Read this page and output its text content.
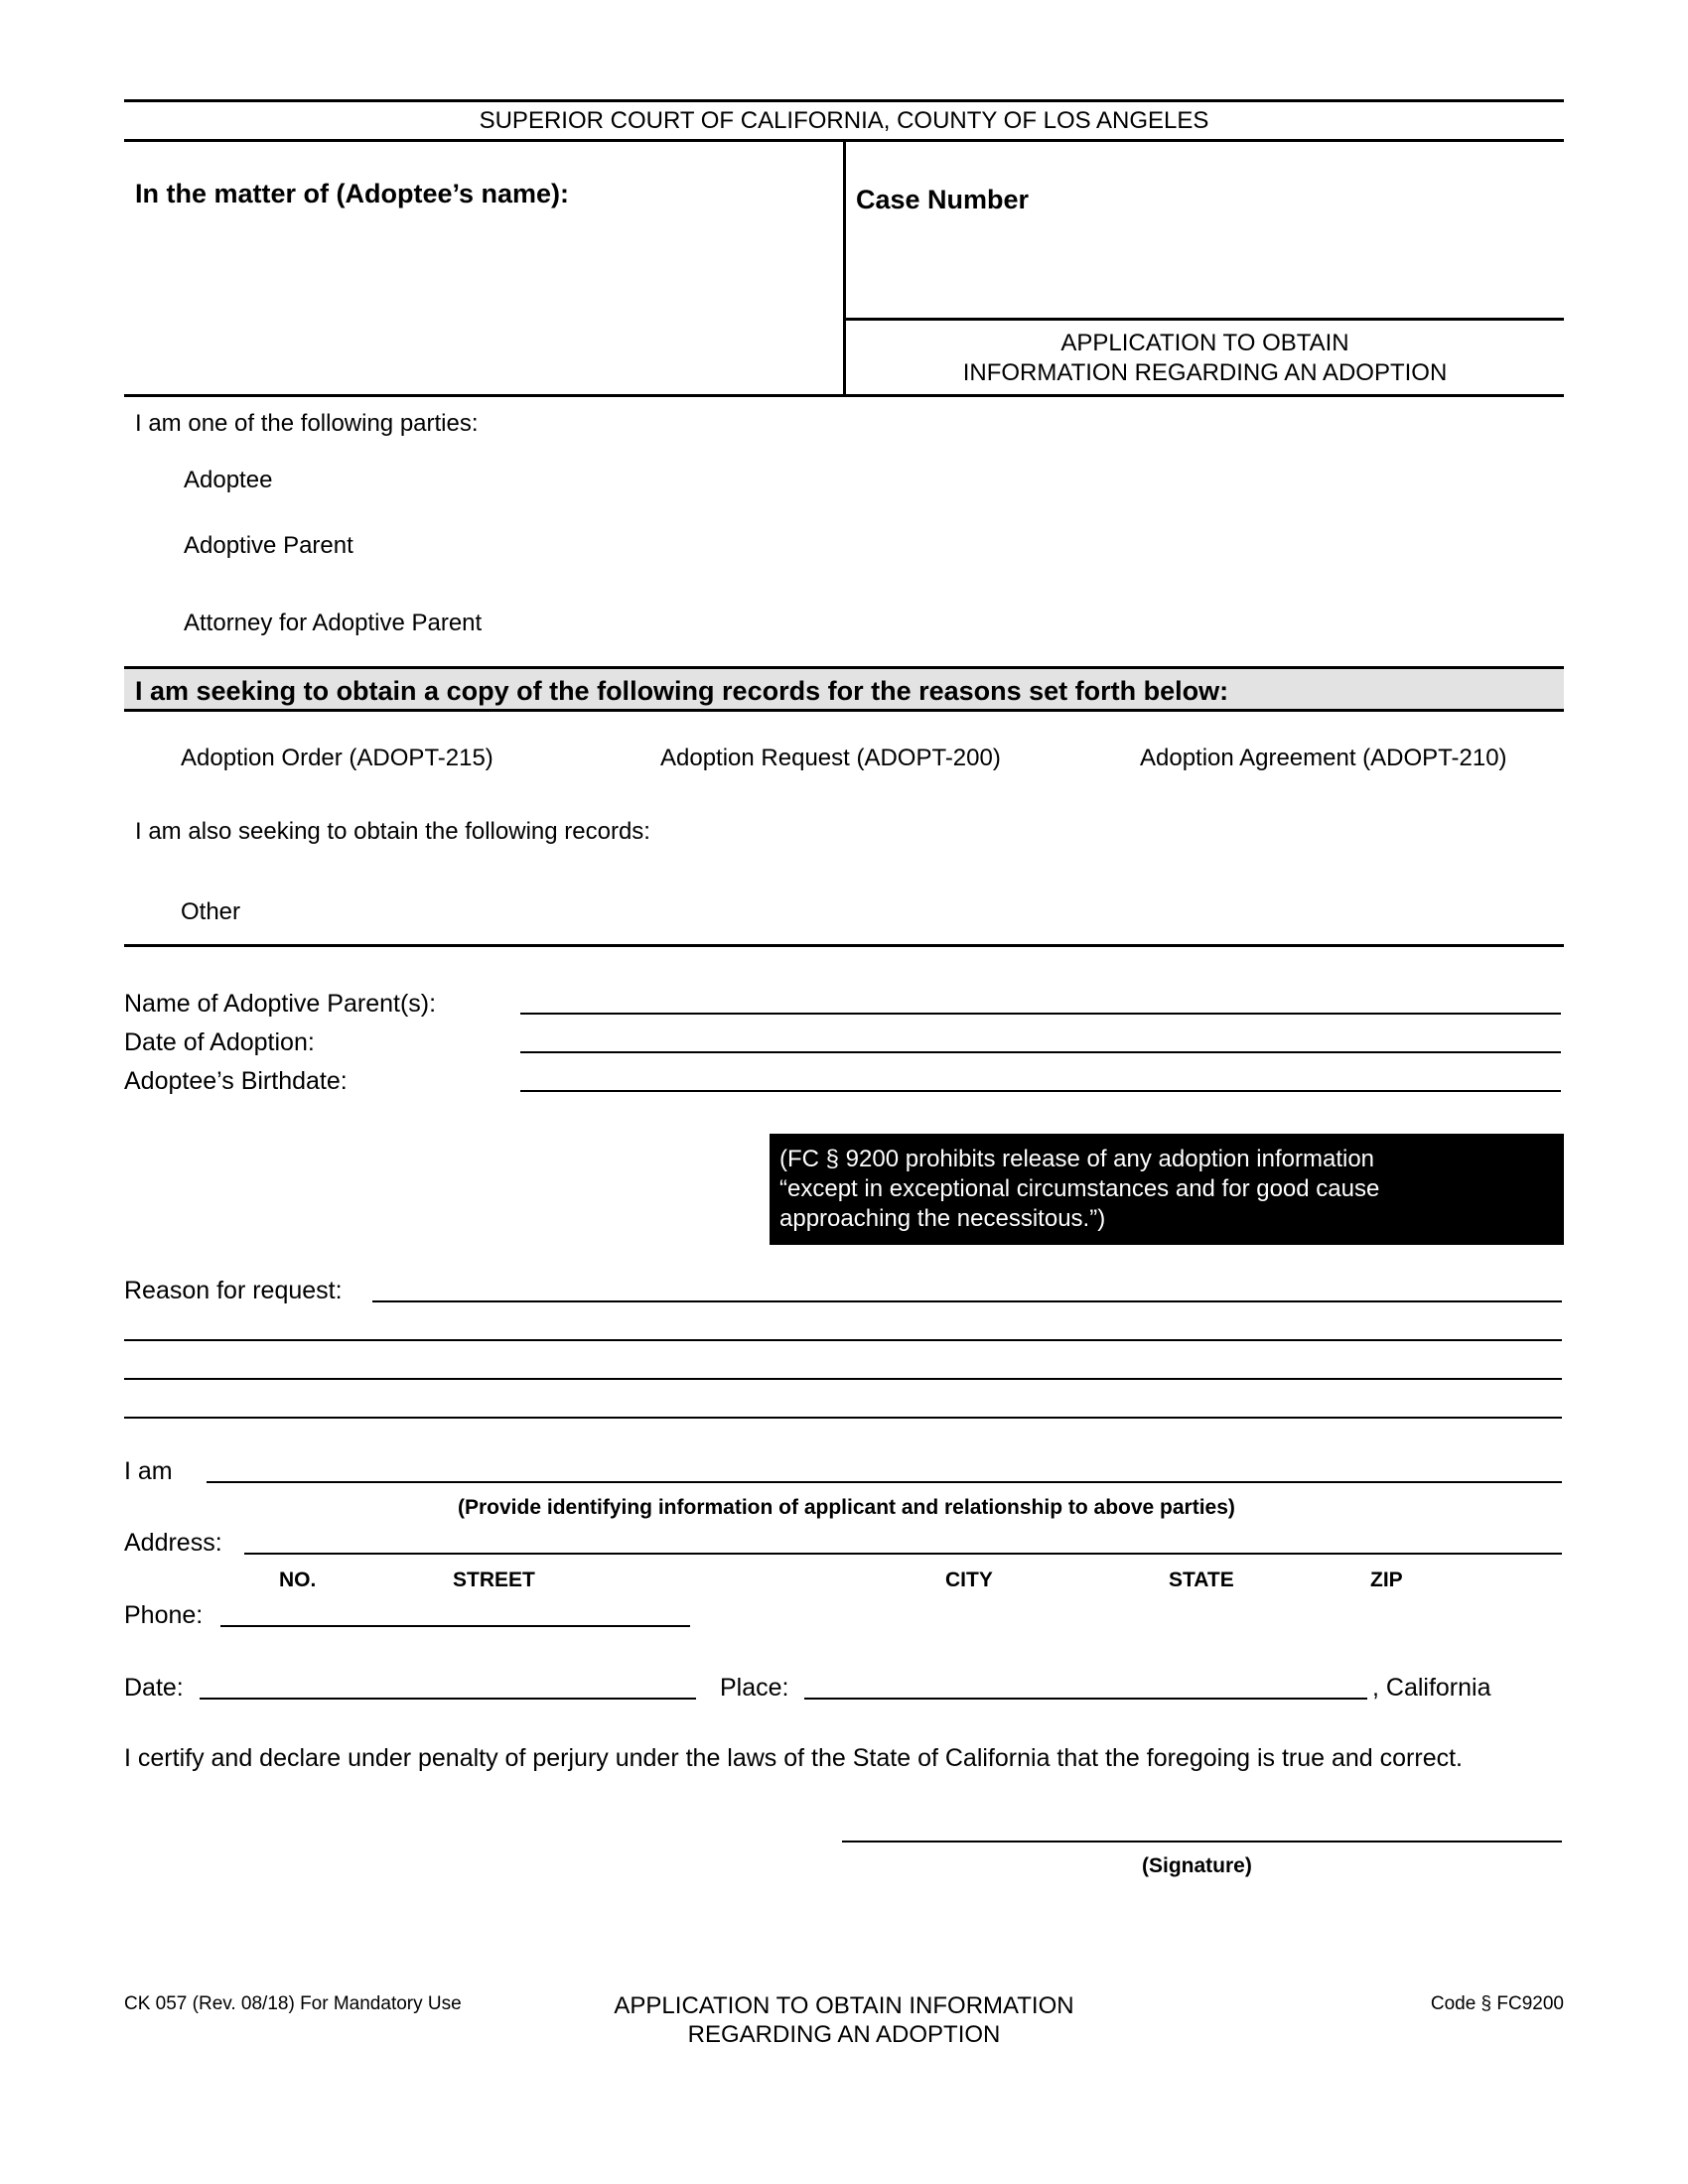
SUPERIOR COURT OF CALIFORNIA, COUNTY OF LOS ANGELES
In the matter of (Adoptee’s name):	Case Number
APPLICATION TO OBTAIN
INFORMATION REGARDING AN ADOPTION
I am one of the following parties:
Adoptee
Adoptive Parent
Attorney for Adoptive Parent
I am seeking to obtain a copy of the following records for the reasons set forth below:
Adoption Order (ADOPT-215)	Adoption Request (ADOPT-200)	Adoption Agreement (ADOPT-210)
I am also seeking to obtain the following records:
Other
Name of Adoptive Parent(s):
Date of Adoption:
Adoptee’s Birthdate:
(FC § 9200 prohibits release of any adoption information
“except in exceptional circumstances and for good cause
approaching the necessitous.”)
Reason for request:
I am
(Provide identifying information of applicant and relationship to above parties)
Address:
NO.	STREET	CITY	STATE	ZIP
Phone:
Date:	Place:	, California
I certify and declare under penalty of perjury under the laws of the State of California that the foregoing is true and correct.
(Signature)
CK 057 (Rev. 08/18) For Mandatory Use	APPLICATION TO OBTAIN INFORMATION
REGARDING AN ADOPTION
Code § FC9200
